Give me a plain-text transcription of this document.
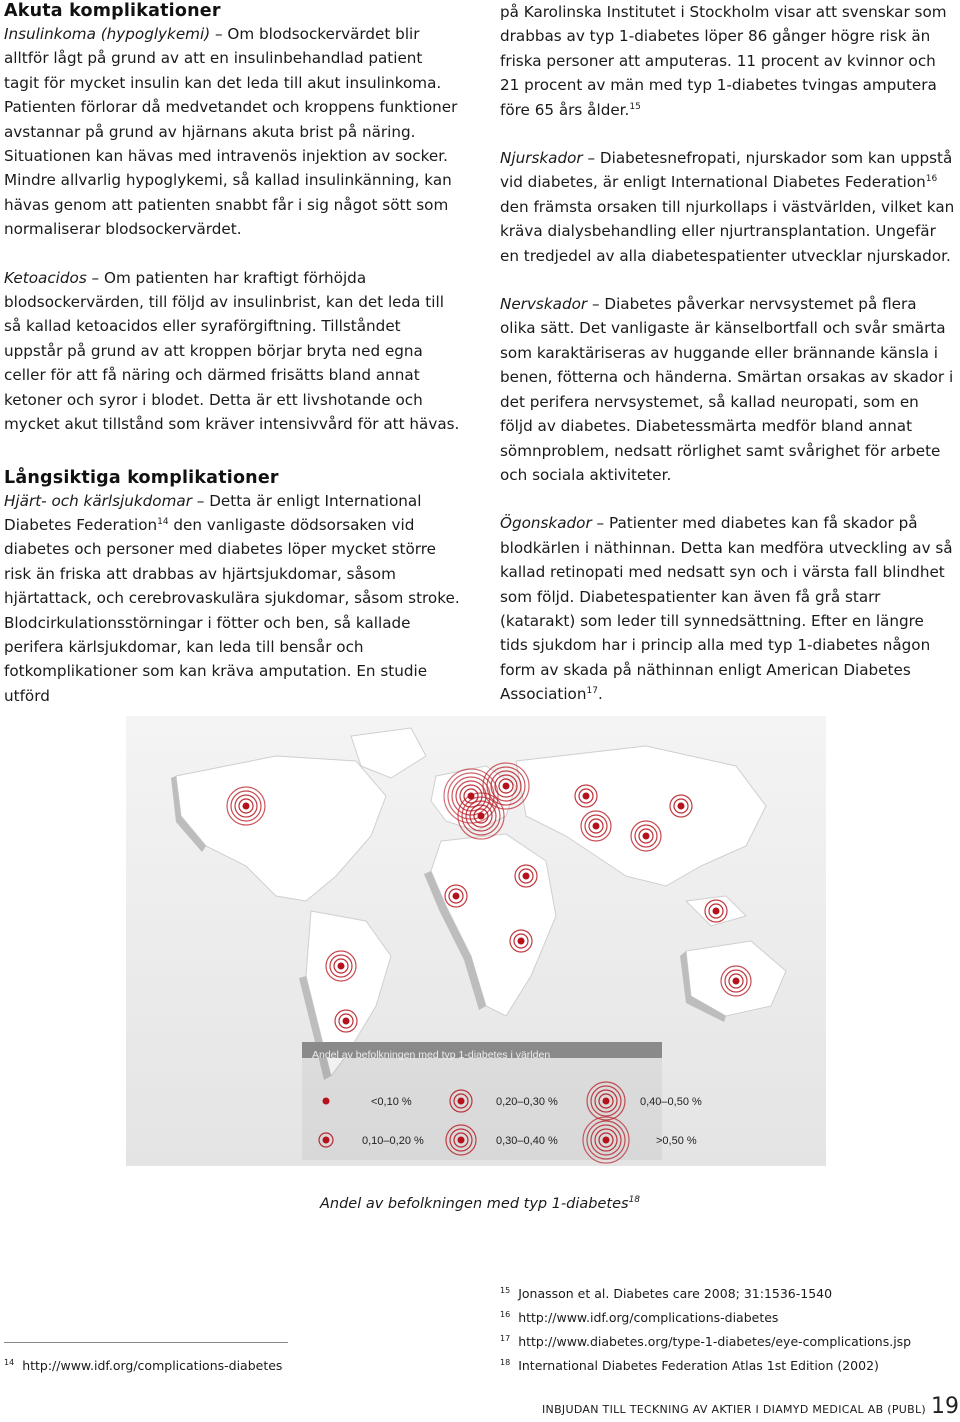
Akuta komplikationer

Insulinkoma (hypoglykemi) – Om blodsockervärdet blir alltför lågt på grund av att en insulinbehandlad patient tagit för mycket insulin kan det leda till akut insulinkoma. Patienten förlorar då medvetandet och kroppens funktioner avstannar på grund av hjärnans akuta brist på näring. Situationen kan hävas med intravenös injektion av socker. Mindre allvarlig hypoglykemi, så kallad insulinkänning, kan hävas genom att patienten snabbt får i sig något sött som normaliserar blodsockervärdet.

Ketoacidos – Om patienten har kraftigt förhöjda blodsockervärden, till följd av insulinbrist, kan det leda till så kallad ketoacidos eller syraförgiftning. Tillståndet uppstår på grund av att kroppen börjar bryta ned egna celler för att få näring och därmed frisätts bland annat ketoner och syror i blodet. Detta är ett livshotande och mycket akut tillstånd som kräver intensivvård för att hävas.

Långsiktiga komplikationer

Hjärt- och kärlsjukdomar – Detta är enligt International Diabetes Federation$^{14}$ den vanligaste dödsorsaken vid diabetes och personer med diabetes löper mycket större risk än friska att drabbas av hjärtsjukdomar, såsom hjärtattack, och cerebrovaskulära sjukdomar, såsom stroke. Blodcirkulationsstörningar i fötter och ben, så kallade perifera kärlsjukdomar, kan leda till bensår och fotkomplikationer som kan kräva amputation. En studie utförd

på Karolinska Institutet i Stockholm visar att svenskar som drabbas av typ 1-diabetes löper 86 gånger högre risk än friska personer att amputeras. 11 procent av kvinnor och 21 procent av män med typ 1-diabetes tvingas amputera före 65 års ålder.$^{15}$

Njurskador – Diabetesnefropati, njurskador som kan uppstå vid diabetes, är enligt International Diabetes Federation$^{16}$ den främsta orsaken till njurkollaps i västvärlden, vilket kan kräva dialysbehandling eller njurtransplantation. Ungefär en tredjedel av alla diabetespatienter utvecklar njurskador.

Nervskador – Diabetes påverkar nervsystemet på flera olika sätt. Det vanligaste är känselbortfall och svår smärta som karaktäriseras av huggande eller brännande känsla i benen, fötterna och händerna. Smärtan orsakas av skador i det perifera nervsystemet, så kallad neuropati, som en följd av diabetes. Diabetessmärta medför bland annat sömnproblem, nedsatt rörlighet samt svårighet för arbete och sociala aktiviteter.

Ögonskador – Patienter med diabetes kan få skador på blodkärlen i näthinnan. Detta kan medföra utveckling av så kallad retinopati med nedsatt syn och i värsta fall blindhet som följd. Diabetespatienter kan även få grå starr (katarakt) som leder till synnedsättning. Efter en längre tids sjukdom har i princip alla med typ 1-diabetes någon form av skada på näthinnan enligt American Diabetes Association$^{17}$.

Andel av befolkningen med typ 1-diabetes i världen
<0,10 %
0,10–0,20 %
0,20–0,30 %
0,30–0,40 %
0,40–0,50 %
>0,50 %
Andel av befolkningen med typ 1-diabetes$^{18}$
$^{14}$ http://www.idf.org/complications-diabetes
$^{15}$ Jonasson et al. Diabetes care 2008; 31:1536-1540
$^{16}$ http://www.idf.org/complications-diabetes
$^{17}$ http://www.diabetes.org/type-1-diabetes/eye-complications.jsp
$^{18}$ International Diabetes Federation Atlas 1st Edition (2002)
INBJUDAN TILL TECKNING AV AKTIER I DIAMYD MEDICAL AB (PUBL) 19
